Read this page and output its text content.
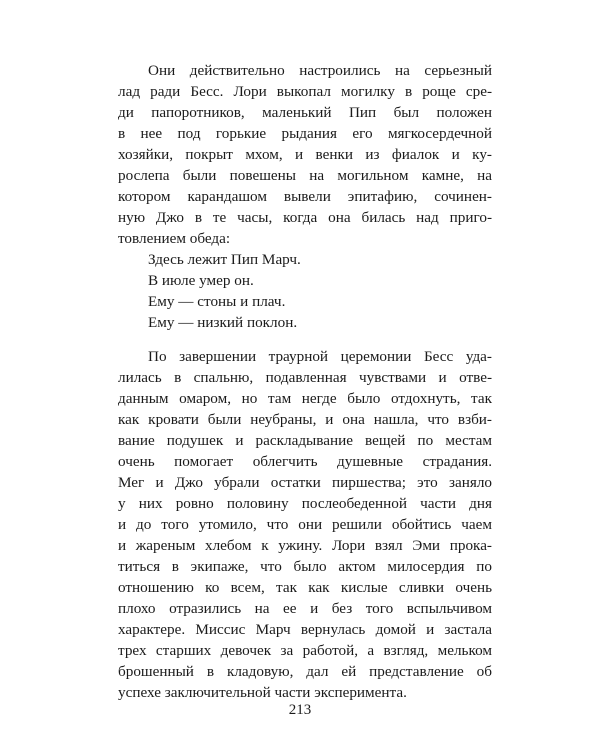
Они действительно настроились на серьезный
лад ради Бесс. Лори выкопал могилку в роще сре-
ди папоротников, маленький Пип был положен
в нее под горькие рыдания его мягкосердечной
хозяйки, покрыт мхом, и венки из фиалок и ку-
рослепа были повешены на могильном камне, на
котором карандашом вывели эпитафию, сочинен-
ную Джо в те часы, когда она билась над приго-
товлением обеда:
Здесь лежит Пип Марч.
В июле умер он.
Ему — стоны и плач.
Ему — низкий поклон.
По завершении траурной церемонии Бесс уда-
лилась в спальню, подавленная чувствами и отве-
данным омаром, но там негде было отдохнуть, так
как кровати были неубраны, и она нашла, что взби-
вание подушек и раскладывание вещей по местам
очень помогает облегчить душевные страдания.
Мег и Джо убрали остатки пиршества; это заняло
у них ровно половину послеобеденной части дня
и до того утомило, что они решили обойтись чаем
и жареным хлебом к ужину. Лори взял Эми прока-
титься в экипаже, что было актом милосердия по
отношению ко всем, так как кислые сливки очень
плохо отразились на ее и без того вспыльчивом
характере. Миссис Марч вернулась домой и застала
трех старших девочек за работой, а взгляд, мельком
брошенный в кладовую, дал ей представление об
успехе заключительной части эксперимента.
213
